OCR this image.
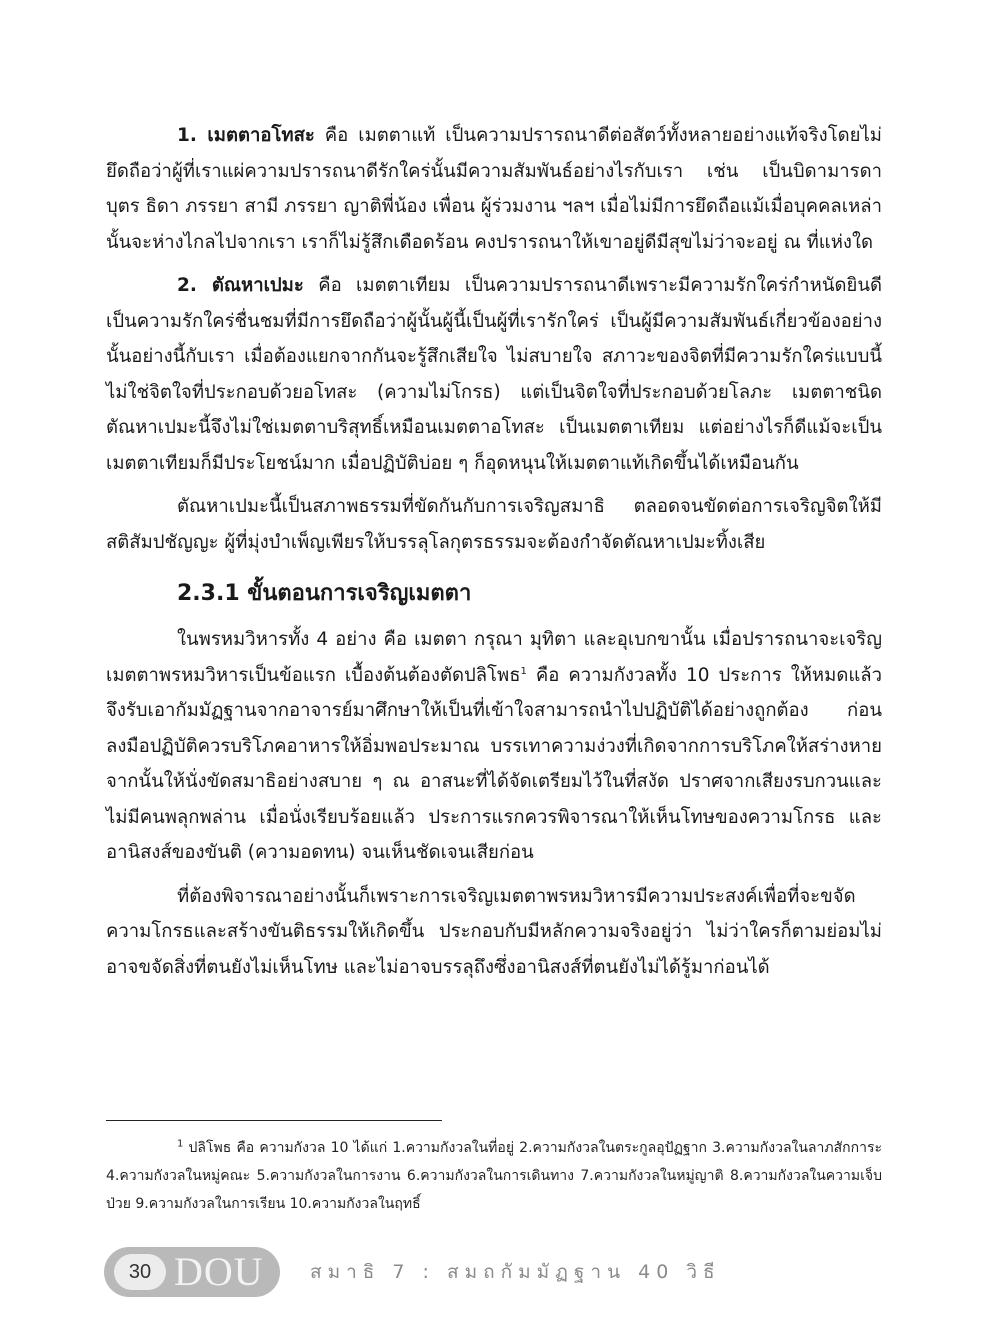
1. เมตตาอโทสะ คือ เมตตาแท้ เป็นความปรารถนาดีต่อสัตว์ทั้งหลายอย่างแท้จริงโดยไม่ยึดถือว่าผู้ที่เราแผ่ความปรารถนาดีรักใคร่นั้นมีความสัมพันธ์อย่างไรกับเรา เช่น เป็นบิดามารดา บุตร ธิดา ภรรยา สามี ภรรยา ญาติพี่น้อง เพื่อน ผู้ร่วมงาน ฯลฯ เมื่อไม่มีการยึดถือแม้เมื่อบุคคลเหล่านั้นจะห่างไกลไปจากเรา เราก็ไม่รู้สึกเดือดร้อน คงปรารถนาให้เขาอยู่ดีมีสุขไม่ว่าจะอยู่ ณ ที่แห่งใด

2. ตัณหาเปมะ คือ เมตตาเทียม เป็นความปรารถนาดีเพราะมีความรักใคร่กำหนัดยินดี เป็นความรักใคร่ชื่นชมที่มีการยึดถือว่าผู้นั้นผู้นี้เป็นผู้ที่เรารักใคร่ เป็นผู้มีความสัมพันธ์เกี่ยวข้องอย่างนั้นอย่างนี้กับเรา เมื่อต้องแยกจากกันจะรู้สึกเสียใจ ไม่สบายใจ สภาวะของจิตที่มีความรักใคร่แบบนี้ ไม่ใช่จิตใจที่ประกอบด้วยอโทสะ (ความไม่โกรธ) แต่เป็นจิตใจที่ประกอบด้วยโลภะ เมตตาชนิดตัณหาเปมะนี้จึงไม่ใช่เมตตาบริสุทธิ์เหมือนเมตตาอโทสะ เป็นเมตตาเทียม แต่อย่างไรก็ดีแม้จะเป็นเมตตาเทียมก็มีประโยชน์มาก เมื่อปฏิบัติบ่อย ๆ ก็อุดหนุนให้เมตตาแท้เกิดขึ้นได้เหมือนกัน

ตัณหาเปมะนี้เป็นสภาพธรรมที่ขัดกันกับการเจริญสมาธิ ตลอดจนขัดต่อการเจริญจิตให้มีสติสัมปชัญญะ ผู้ที่มุ่งบำเพ็ญเพียรให้บรรลุโลกุตรธรรมจะต้องกำจัดตัณหาเปมะทิ้งเสีย

2.3.1 ขั้นตอนการเจริญเมตตา

ในพรหมวิหารทั้ง 4 อย่าง คือ เมตตา กรุณา มุทิตา และอุเบกขานั้น เมื่อปรารถนาจะเจริญเมตตาพรหมวิหารเป็นข้อแรก เบื้องต้นต้องตัดปลิโพธ$^1$ คือ ความกังวลทั้ง 10 ประการ ให้หมดแล้วจึงรับเอากัมมัฏฐานจากอาจารย์มาศึกษาให้เป็นที่เข้าใจสามารถนำไปปฏิบัติได้อย่างถูกต้อง ก่อนลงมือปฏิบัติควรบริโภคอาหารให้อิ่มพอประมาณ บรรเทาความง่วงที่เกิดจากการบริโภคให้สร่างหาย จากนั้นให้นั่งขัดสมาธิอย่างสบาย ๆ ณ อาสนะที่ได้จัดเตรียมไว้ในที่สงัด ปราศจากเสียงรบกวนและไม่มีคนพลุกพล่าน เมื่อนั่งเรียบร้อยแล้ว ประการแรกควรพิจารณาให้เห็นโทษของความโกรธ และอานิสงส์ของขันติ (ความอดทน) จนเห็นชัดเจนเสียก่อน

ที่ต้องพิจารณาอย่างนั้นก็เพราะการเจริญเมตตาพรหมวิหารมีความประสงค์เพื่อที่จะขจัดความโกรธและสร้างขันติธรรมให้เกิดขึ้น ประกอบกับมีหลักความจริงอยู่ว่า ไม่ว่าใครก็ตามย่อมไม่อาจขจัดสิ่งที่ตนยังไม่เห็นโทษ และไม่อาจบรรลุถึงซึ่งอานิสงส์ที่ตนยังไม่ได้รู้มาก่อนได้

$^1$ ปลิโพธ คือ ความกังวล 10 ได้แก่ 1.ความกังวลในที่อยู่ 2.ความกังวลในตระกูลอุปัฏฐาก 3.ความกังวลในลาภสักการะ 4.ความกังวลในหมู่คณะ 5.ความกังวลในการงาน 6.ความกังวลในการเดินทาง 7.ความกังวลในหมู่ญาติ 8.ความกังวลในความเจ็บป่วย 9.ความกังวลในการเรียน 10.ความกังวลในฤทธิ์
30 DOU สมาธิ 7 : สมถกัมมัฏฐาน 40 วิธี
